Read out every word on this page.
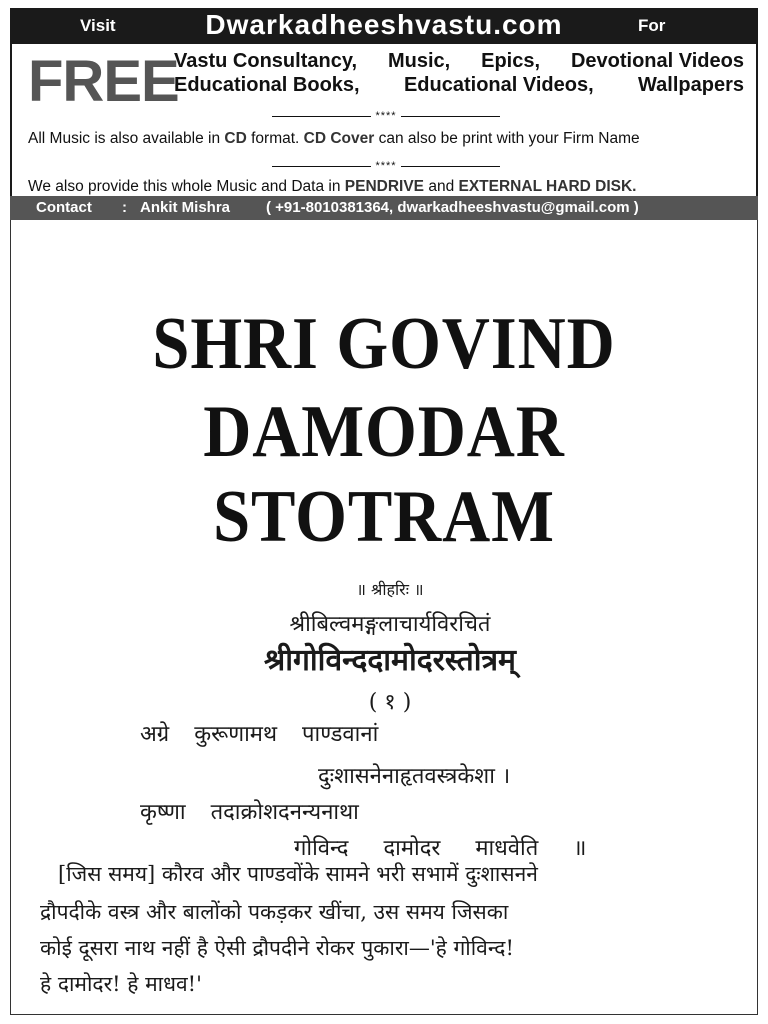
Visit	Dwarkadheeshvastu.com	For
FREE
Vastu Consultancy, Music, Epics, Devotional Videos
Educational Books, Educational Videos, Wallpapers
****
All Music is also available in CD format. CD Cover can also be print with your Firm Name
****
We also provide this whole Music and Data in PENDRIVE and EXTERNAL HARD DISK.
Contact : Ankit Mishra ( +91-8010381364, dwarkadheeshvastu@gmail.com )
SHRI GOVIND
DAMODAR STOTRAM
॥ श्रीहरिः ॥
श्रीबिल्वमङ्गलाचार्यविरचितं
श्रीगोविन्ददामोदरस्तोत्रम्
( १ )
अग्रे कुरूणामथ पाण्डवानां
दुःशासनेनाहृतवस्त्रकेशा ।
कृष्णा तदाक्रोशदनन्यनाथा
गोविन्द दामोदर माधवेति ॥
[जिस समय] कौरव और पाण्डवोंके सामने भरी सभामें दुःशासनने
द्रौपदीके वस्त्र और बालोंको पकड़कर खींचा, उस समय जिसका
कोई दूसरा नाथ नहीं है ऐसी द्रौपदीने रोकर पुकारा—'हे गोविन्द!
हे दामोदर! हे माधव!'
